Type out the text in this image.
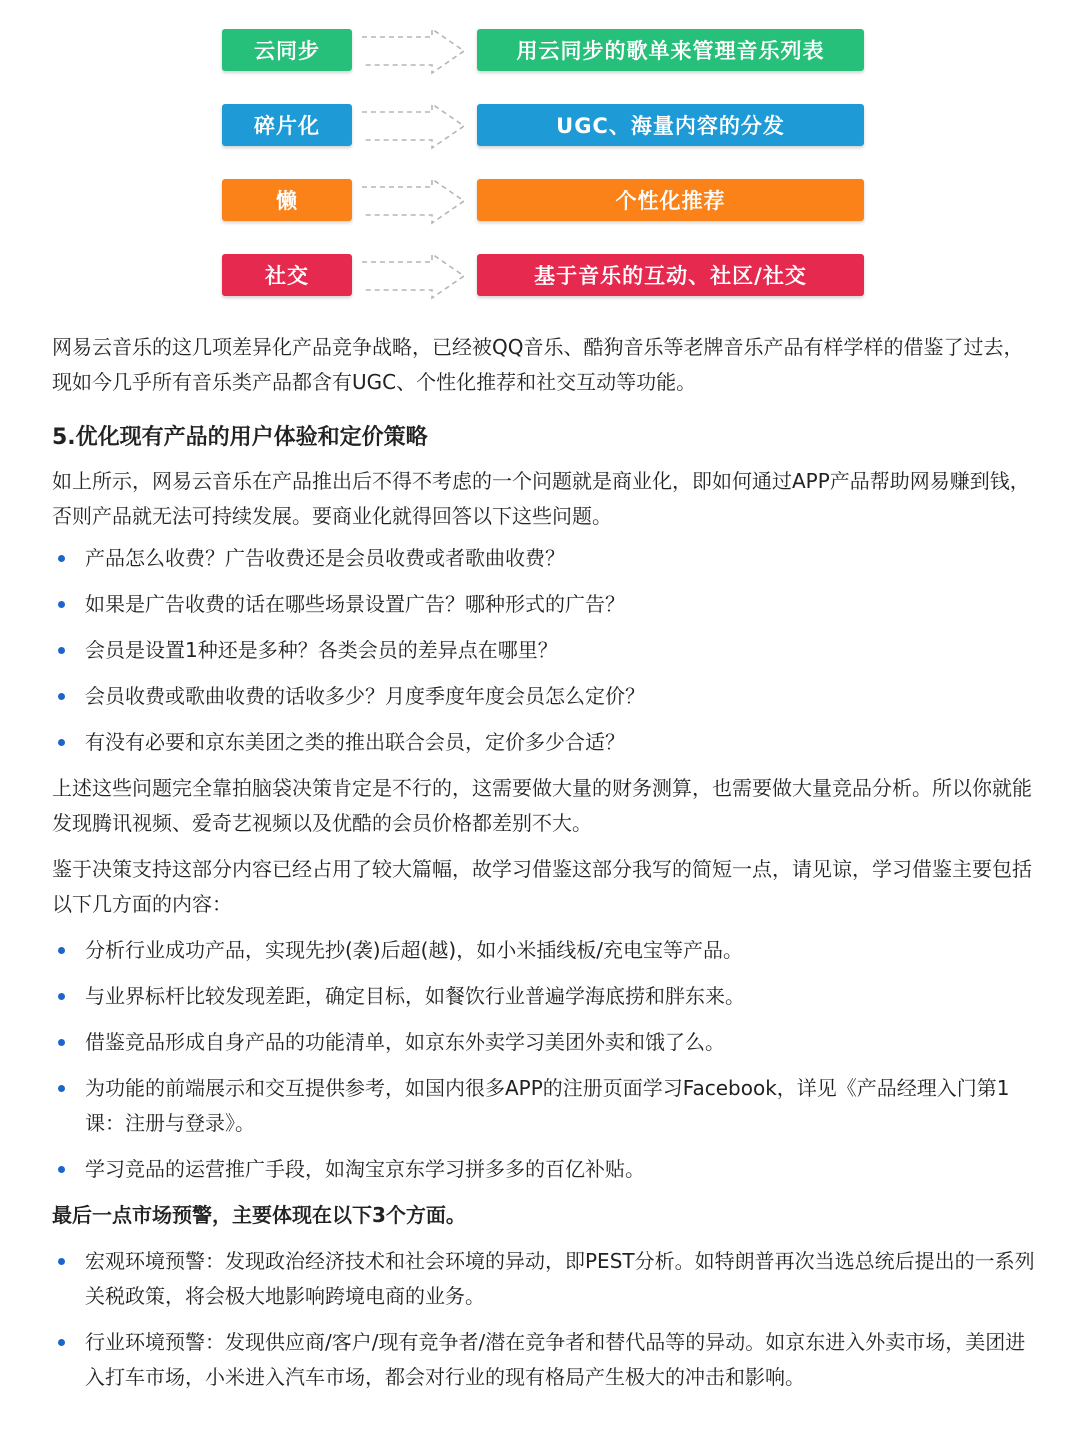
云同步	用云同步的歌单来管理音乐列表
碎片化	UGC、海量内容的分发
懒	个性化推荐
社交	基于音乐的互动、社区/社交

网易云音乐的这几项差异化产品竞争战略，已经被QQ音乐、酷狗音乐等老牌音乐产品有样学样的借鉴了过去，现如今几乎所有音乐类产品都含有UGC、个性化推荐和社交互动等功能。

5.优化现有产品的用户体验和定价策略

如上所示，网易云音乐在产品推出后不得不考虑的一个问题就是商业化，即如何通过APP产品帮助网易赚到钱，否则产品就无法可持续发展。要商业化就得回答以下这些问题。

产品怎么收费？广告收费还是会员收费或者歌曲收费？
如果是广告收费的话在哪些场景设置广告？哪种形式的广告？
会员是设置1种还是多种？各类会员的差异点在哪里？
会员收费或歌曲收费的话收多少？月度季度年度会员怎么定价？
有没有必要和京东美团之类的推出联合会员，定价多少合适？

上述这些问题完全靠拍脑袋决策肯定是不行的，这需要做大量的财务测算，也需要做大量竞品分析。所以你就能发现腾讯视频、爱奇艺视频以及优酷的会员价格都差别不大。

鉴于决策支持这部分内容已经占用了较大篇幅，故学习借鉴这部分我写的简短一点，请见谅，学习借鉴主要包括以下几方面的内容：

分析行业成功产品，实现先抄(袭)后超(越)，如小米插线板/充电宝等产品。
与业界标杆比较发现差距，确定目标，如餐饮行业普遍学海底捞和胖东来。
借鉴竞品形成自身产品的功能清单，如京东外卖学习美团外卖和饿了么。
为功能的前端展示和交互提供参考，如国内很多APP的注册页面学习Facebook，详见《产品经理入门第1课：注册与登录》。
学习竞品的运营推广手段，如淘宝京东学习拼多多的百亿补贴。

最后一点市场预警，主要体现在以下3个方面。

宏观环境预警：发现政治经济技术和社会环境的异动，即PEST分析。如特朗普再次当选总统后提出的一系列关税政策，将会极大地影响跨境电商的业务。
行业环境预警：发现供应商/客户/现有竞争者/潜在竞争者和替代品等的异动。如京东进入外卖市场，美团进入打车市场，小米进入汽车市场，都会对行业的现有格局产生极大的冲击和影响。
